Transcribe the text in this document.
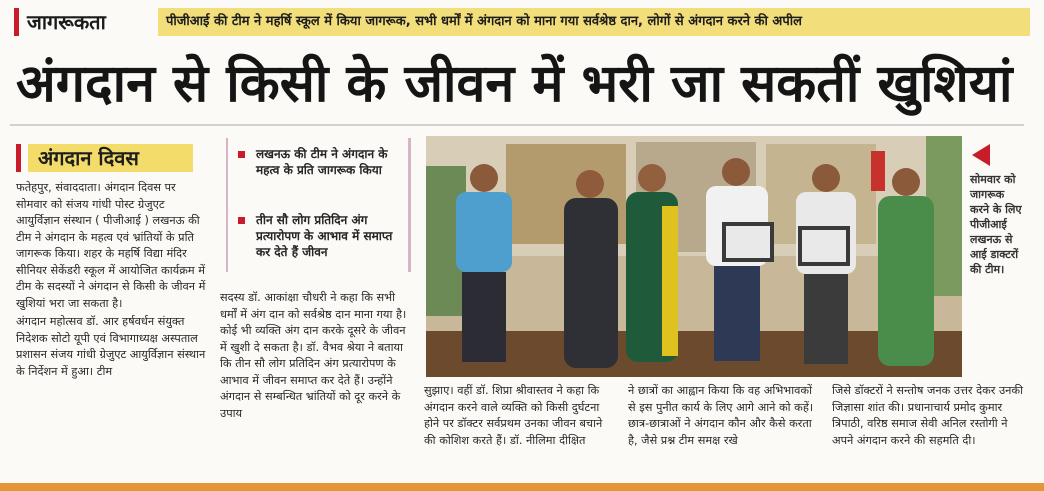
जागरूकता	पीजीआई की टीम ने महर्षि स्कूल में किया जागरूक, सभी धर्मों में अंगदान को माना गया सर्वश्रेष्ठ दान, लोगों से अंगदान करने की अपील
अंगदान से किसी के जीवन में भरी जा सकतीं खुशियां
अंगदान दिवस

फतेहपुर, संवाददाता। अंगदान दिवस पर सोमवार को संजय गांधी पोस्ट ग्रेजुएट आयुर्विज्ञान संस्थान ( पीजीआई ) लखनऊ की टीम ने अंगदान के महत्व एवं भ्रांतियों के प्रति जागरूक किया। शहर के महर्षि विद्या मंदिर सीनियर सेकेंडरी स्कूल में आयोजित कार्यक्रम में टीम के सदस्यों ने अंगदान से किसी के जीवन में खुशियां भरा जा सकता है।

अंगदान महोत्सव डॉ. आर हर्षवर्धन संयुक्त निदेशक सोटो यूपी एवं विभागाध्यक्ष अस्पताल प्रशासन संजय गांधी ग्रेजुएट आयुर्विज्ञान संस्थान के निर्देशन में हुआ। टीम

लखनऊ की टीम ने अंगदान के महत्व के प्रति जागरूक किया
तीन सौ लोग प्रतिदिन अंग प्रत्यारोपण के आभाव में समाप्त कर देते हैं जीवन

सदस्य डॉ. आकांक्षा चौधरी ने कहा कि सभी धर्मों में अंग दान को सर्वश्रेष्ठ दान माना गया है। कोई भी व्यक्ति अंग दान करके दूसरे के जीवन में खुशी दे सकता है। डॉ. वैभव श्रेया ने बताया कि तीन सौ लोग प्रतिदिन अंग प्रत्यारोपण के आभाव में जीवन समाप्त कर देते हैं। उन्होंने अंगदान से सम्बन्धित भ्रांतियों को दूर करने के उपाय

सोमवार को जागरूक करने के लिए पीजीआई लखनऊ से आई डाक्टरों की टीम।

सुझाए। वहीं डॉ. शिप्रा श्रीवास्तव ने कहा कि अंगदान करने वाले व्यक्ति को किसी दुर्घटना होने पर डॉक्टर सर्वप्रथम उनका जीवन बचाने की कोशिश करते हैं। डॉ. नीलिमा दीक्षित

ने छात्रों का आह्वान किया कि वह अभिभावकों से इस पुनीत कार्य के लिए आगे आने को कहें। छात्र-छात्राओं ने अंगदान कौन और कैसे करता है, जैसे प्रश्न टीम समक्ष रखे

जिसे डॉक्टरों ने सन्तोष जनक उत्तर देकर उनकी जिज्ञासा शांत की। प्रधानाचार्य प्रमोद कुमार त्रिपाठी, वरिष्ठ समाज सेवी अनिल रस्तोगी ने अपने अंगदान करने की सहमति दी।
